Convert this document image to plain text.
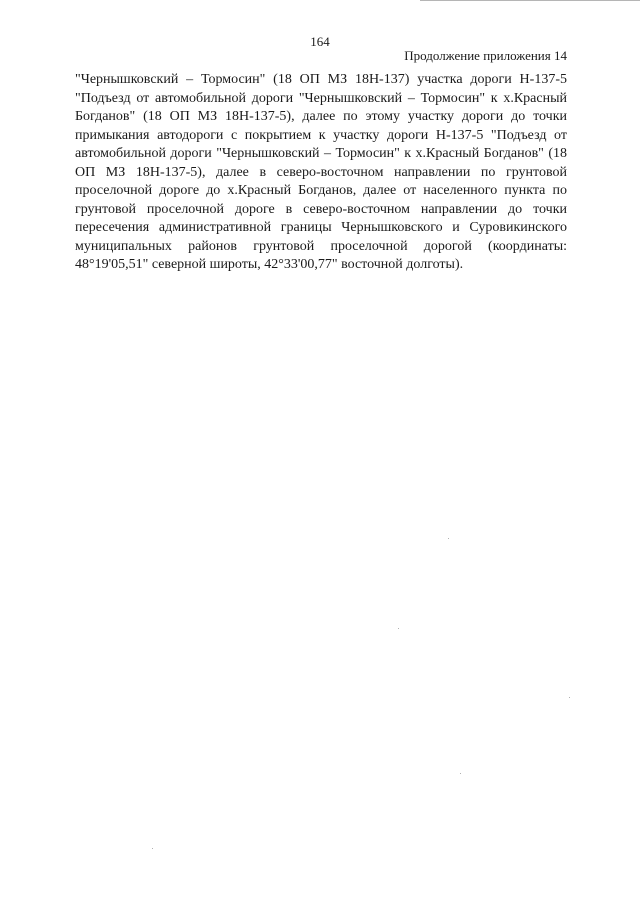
164
Продолжение приложения 14

"Чернышковский – Тормосин" (18 ОП МЗ 18Н-137) участка дороги Н-137-5 "Подъезд от автомобильной дороги "Чернышковский – Тормосин" к х.Красный Богданов" (18 ОП МЗ 18Н-137-5), далее по этому участку дороги до точки примыкания автодороги с покрытием к участку дороги Н-137-5 "Подъезд от автомобильной дороги "Чернышковский – Тормосин" к х.Красный Богданов" (18 ОП МЗ 18Н-137-5), далее в северо-восточном направлении по грунтовой проселочной дороге до х.Красный Богданов, далее от населенного пункта по грунтовой проселочной дороге в северо-восточном направлении до точки пересечения административной границы Чернышковского и Суровикинского муниципальных районов грунтовой проселочной дорогой (координаты: 48°19'05,51" северной широты, 42°33'00,77" восточной долготы).
